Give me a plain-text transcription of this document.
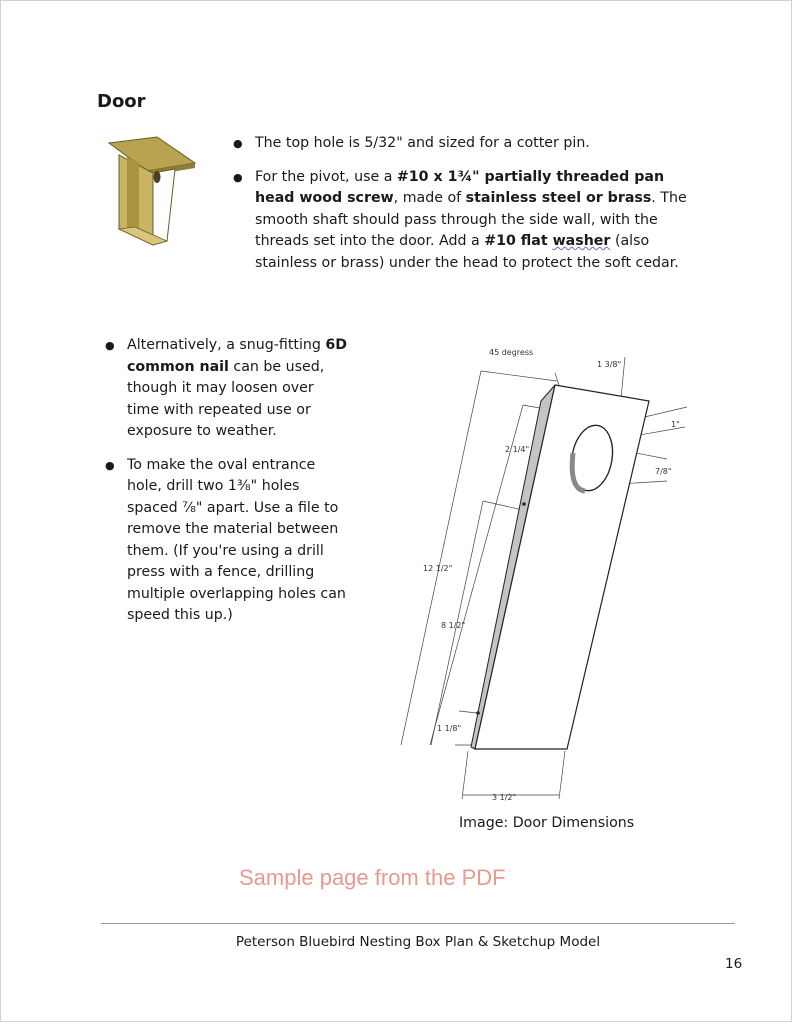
Door
● The top hole is 5/32" and sized for a cotter pin.
● For the pivot, use a #10 x 1¾" partially threaded pan head wood screw, made of stainless steel or brass. The smooth shaft should pass through the side wall, with the threads set into the door. Add a #10 flat washer (also stainless or brass) under the head to protect the soft cedar.
● Alternatively, a snug-fitting 6D common nail can be used, though it may loosen over time with repeated use or exposure to weather.
● To make the oval entrance hole, drill two 1⅜" holes spaced ⅞" apart. Use a file to remove the material between them. (If you're using a drill press with a fence, drilling multiple overlapping holes can speed this up.)
45 degress
1 3/8"
1"
7/8"
2 1/4"
12 1/2"
8 1/2"
1 1/8"
3 1/2"
Image: Door Dimensions
Sample page from the PDF
Peterson Bluebird Nesting Box Plan & Sketchup Model
16
